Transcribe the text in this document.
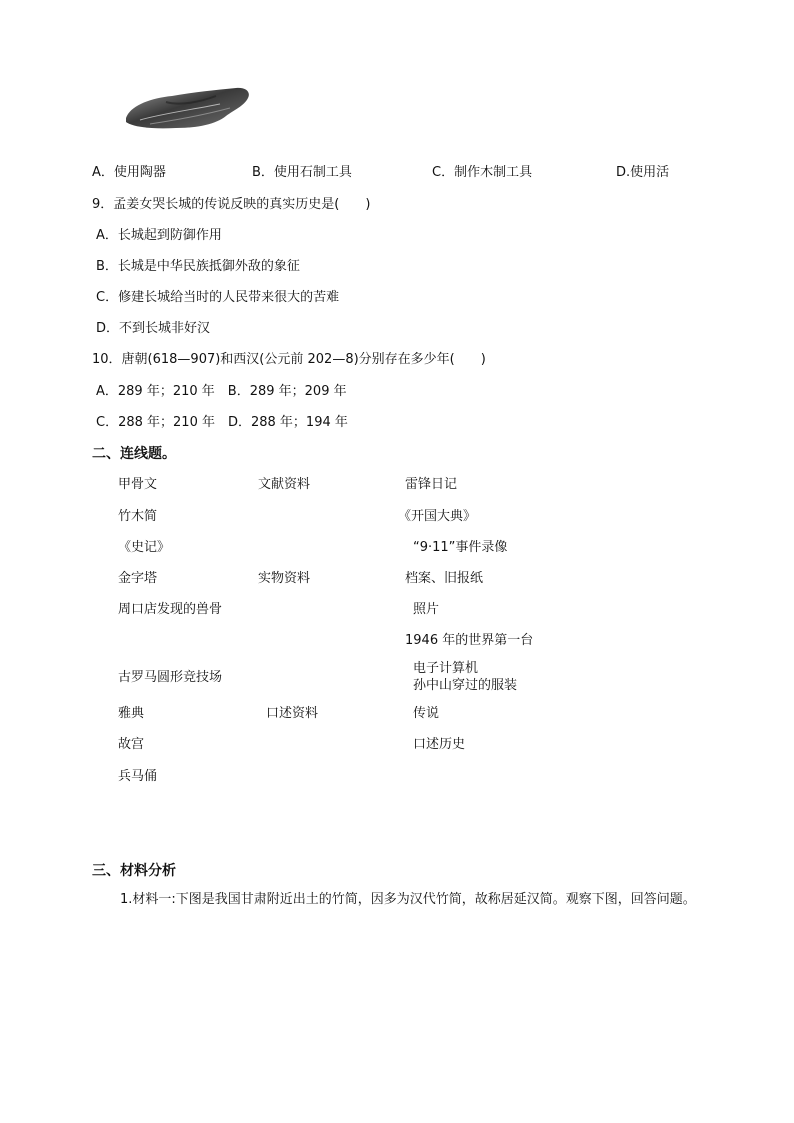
A．使用陶器	B．使用石制工具	C．制作木制工具	D.使用活
9．孟姜女哭长城的传说反映的真实历史是(　　)
A．长城起到防御作用
B．长城是中华民族抵御外敌的象征
C．修建长城给当时的人民带来很大的苦难
D．不到长城非好汉
10．唐朝(618—907)和西汉(公元前 202—8)分别存在多少年(　　)
A．289 年；210 年　B．289 年；209 年
C．288 年；210 年　D．288 年；194 年
二、连线题。
甲骨文
竹木简
《史记》
金字塔
周口店发现的兽骨
古罗马圆形竞技场
雅典
故宫
兵马俑
文献资料
实物资料
口述资料
雷锋日记
《开国大典》
“9·11”事件录像
档案、旧报纸
照片
1946 年的世界第一台
电子计算机
孙中山穿过的服装
传说
口述历史
三、材料分析
1.材料一:下图是我国甘肃附近出土的竹简，因多为汉代竹简，故称居延汉简。观察下图，回答问题。
